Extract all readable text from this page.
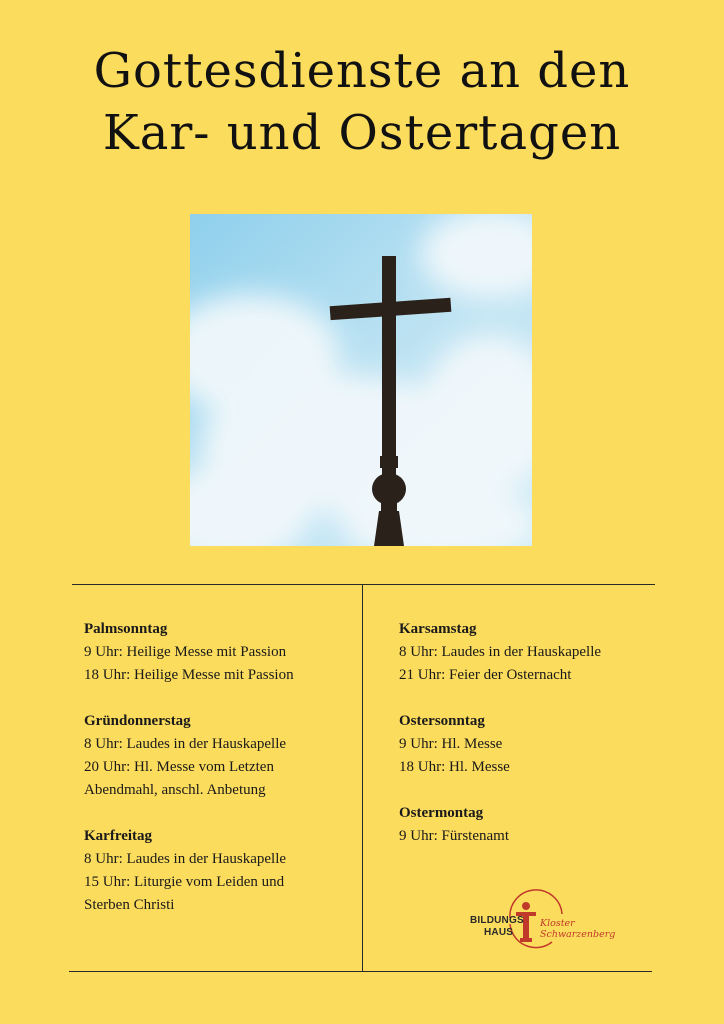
Gottesdienste an den
Kar- und Ostertagen
Palmsonntag

9 Uhr: Heilige Messe mit Passion

18 Uhr: Heilige Messe mit Passion

Gründonnerstag

8 Uhr: Laudes in der Hauskapelle

20 Uhr: Hl. Messe vom Letzten

Abendmahl, anschl. Anbetung

Karfreitag

8 Uhr: Laudes in der Hauskapelle

15 Uhr: Liturgie vom Leiden und

Sterben Christi

Karsamstag

8 Uhr: Laudes in der Hauskapelle

21 Uhr: Feier der Osternacht

Ostersonntag

9 Uhr: Hl. Messe

18 Uhr: Hl. Messe

Ostermontag

9 Uhr: Fürstenamt

BILDUNGS
HAUS
Kloster
Schwarzenberg
